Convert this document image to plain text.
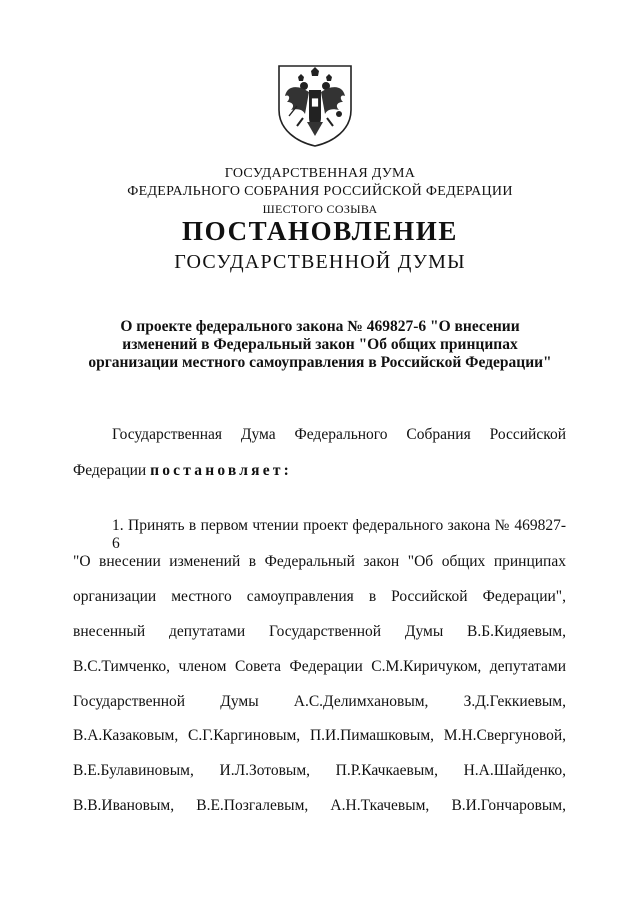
ГОСУДАРСТВЕННАЯ ДУМА
ФЕДЕРАЛЬНОГО СОБРАНИЯ РОССИЙСКОЙ ФЕДЕРАЦИИ
ШЕСТОГО СОЗЫВА
ПОСТАНОВЛЕНИЕ
ГОСУДАРСТВЕННОЙ ДУМЫ
О проекте федерального закона № 469827-6 "О внесении
изменений в Федеральный закон "Об общих принципах
организации местного самоуправления в Российской Федерации"
Государственная Дума Федерального Собрания Российской
Федерации постановляет:
1. Принять в первом чтении проект федерального закона № 469827-6
"О внесении изменений в Федеральный закон "Об общих принципах
организации местного самоуправления в Российской Федерации",
внесенный депутатами Государственной Думы В.Б.Кидяевым,
В.С.Тимченко, членом Совета Федерации С.М.Киричуком, депутатами
Государственной Думы А.С.Делимхановым, З.Д.Геккиевым,
В.А.Казаковым, С.Г.Каргиновым, П.И.Пимашковым, М.Н.Свергуновой,
В.Е.Булавиновым, И.Л.Зотовым, П.Р.Качкаевым, Н.А.Шайденко,
В.В.Ивановым, В.Е.Позгалевым, А.Н.Ткачевым, В.И.Гончаровым,
